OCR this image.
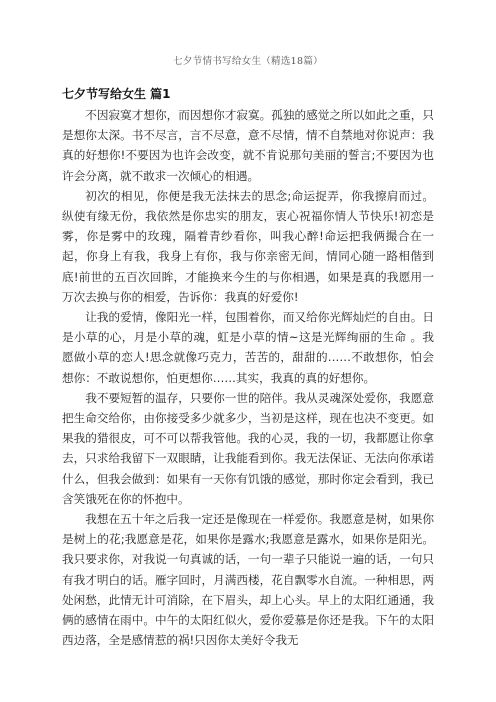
七夕节情书写给女生（精选18篇）
七夕节写给女生 篇1

不因寂寞才想你，而因想你才寂寞。孤独的感觉之所以如此之重，只是想你太深。书不尽言，言不尽意，意不尽情，情不自禁地对你说声：我真的好想你!不要因为也许会改变，就不肯说那句美丽的誓言;不要因为也许会分离，就不敢求一次倾心的相遇。

初次的相见，你便是我无法抹去的思念;命运捉弄，你我擦肩而过。纵使有缘无份，我依然是你忠实的朋友，衷心祝福你情人节快乐!初恋是雾，你是雾中的玫瑰，隔着青纱看你，叫我心醉!命运把我俩撮合在一起，你身上有我，我身上有你，我与你亲密无间，情同心随一路相偕到底!前世的五百次回眸，才能换来今生的与你相遇，如果是真的我愿用一万次去换与你的相爱，告诉你：我真的好爱你!

让我的爱情，像阳光一样，包围着你，而又给你光辉灿烂的自由。日是小草的心，月是小草的魂，虹是小草的情~这是光辉绚丽的生命 。我愿做小草的恋人!思念就像巧克力，苦苦的，甜甜的……不敢想你，怕会想你：不敢说想你，怕更想你……其实，我真的真的好想你。

我不要短暂的温存，只要你一世的陪伴。我从灵魂深处爱你，我愿意把生命交给你，由你接受多少就多少，当初是这样，现在也决不变更。如果我的猎很皮，可不可以帮我管他。我的心灵，我的一切，我都愿让你拿去，只求给我留下一双眼睛，让我能看到你。我无法保证、无法向你承诺什么，但我会做到：如果有一天你有饥饿的感觉，那时你定会看到，我已含笑饿死在你的怀抱中。

我想在五十年之后我一定还是像现在一样爱你。我愿意是树，如果你是树上的花;我愿意是花，如果你是露水;我愿意是露水，如果你是阳光。我只要求你，对我说一句真诚的话，一句一辈子只能说一遍的话，一句只有我才明白的话。雁字回时，月满西楼，花自飘零水自流。一种相思，两处闲愁，此情无计可消除，在下眉头，却上心头。早上的太阳红通通，我俩的感情在雨中。中午的太阳红似火，爱你爱慕是你还是我。下午的太阳西边落，全是感情惹的祸!只因你太美好令我无
